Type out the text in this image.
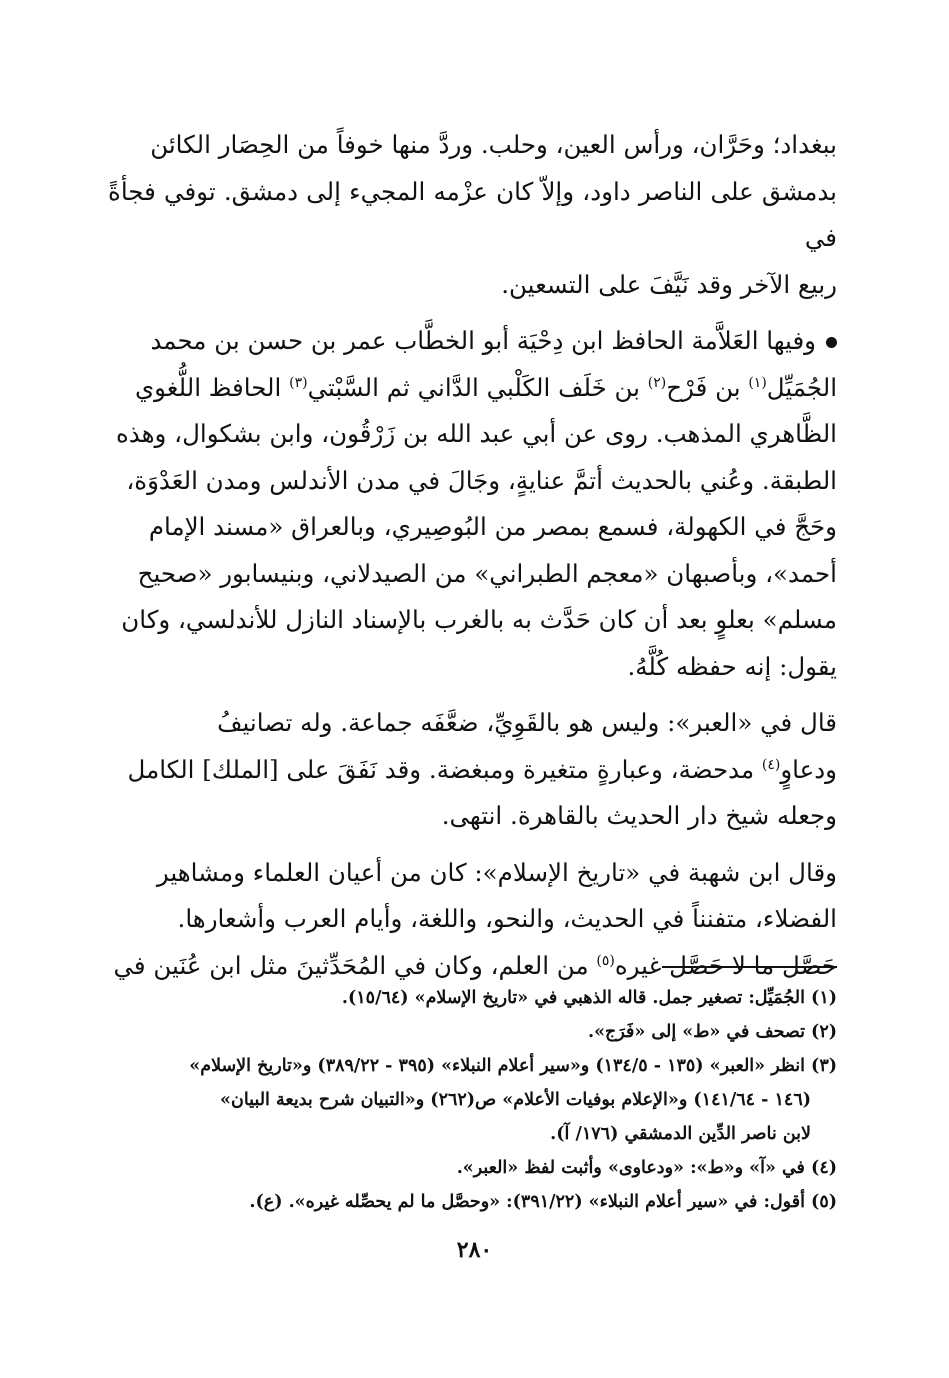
ببغداد؛ وحَرَّان، ورأس العين، وحلب. وردَّ منها خوفاً من الحِصَار الكائن
بدمشق على الناصر داود، وإلاّ كان عزْمه المجيء إلى دمشق. توفي فجأةً في
ربيع الآخر وقد نَيَّفَ على التسعين.

وفيها العَلاَّمة الحافظ ابن دِحْيَة أبو الخطَّاب عمر بن حسن بن محمد
الجُمَيِّل$^{(١)}$ بن فَرْح$^{(٢)}$ بن خَلَف الكَلْبي الدَّاني ثم السَّبْتي$^{(٣)}$ الحافظ اللُّغوي
الظَّاهري المذهب. روى عن أبي عبد الله بن زَرْقُون، وابن بشكوال، وهذه
الطبقة. وعُني بالحديث أتمَّ عنايةٍ، وجَالَ في مدن الأندلس ومدن العَدْوَة،
وحَجَّ في الكهولة، فسمع بمصر من البُوصِيري، وبالعراق «مسند الإمام
أحمد»، وبأصبهان «معجم الطبراني» من الصيدلاني، وبنيسابور «صحيح
مسلم» بعلوٍ بعد أن كان حَدَّث به بالغرب بالإسناد النازل للأندلسي، وكان
يقول: إنه حفظه كُلَّهُ.

قال في «العبر»: وليس هو بالقَوِيِّ، ضعَّفَه جماعة. وله تصانيفُ
ودعاوٍ$^{(٤)}$ مدحضة، وعبارةٍ متغيرة ومبغضة. وقد نَفَقَ على [الملك] الكامل
وجعله شيخ دار الحديث بالقاهرة. انتهى.

وقال ابن شهبة في «تاريخ الإسلام»: كان من أعيان العلماء ومشاهير
الفضلاء، متفنناً في الحديث، والنحو، واللغة، وأيام العرب وأشعارها.
حَصَّل ما لا حَصَّل غيره$^{(٥)}$ من العلم، وكان في المُحَدِّثينَ مثل ابن عُنَين في

(١) الجُمَيِّل: تصغير جمل. قاله الذهبي في «تاريخ الإسلام» (١٥/٦٤).
(٢) تصحف في «ط» إلى «فَرَج».
(٣) انظر «العبر» (١٣٥ - ١٣٤/٥) و«سير أعلام النبلاء» (٣٩٥ - ٣٨٩/٢٢) و«تاريخ الإسلام»
(١٤٦ - ١٤١/٦٤) و«الإعلام بوفيات الأعلام» ص(٢٦٢) و«التبيان شرح بديعة البيان»
لابن ناصر الدِّين الدمشقي (١٧٦/ آ).
(٤) في «آ» و«ط»: «ودعاوى» وأثبت لفظ «العبر».
(٥) أقول: في «سير أعلام النبلاء» (٣٩١/٢٢): «وحصَّل ما لم يحصِّله غيره». (ع).
٢٨٠
